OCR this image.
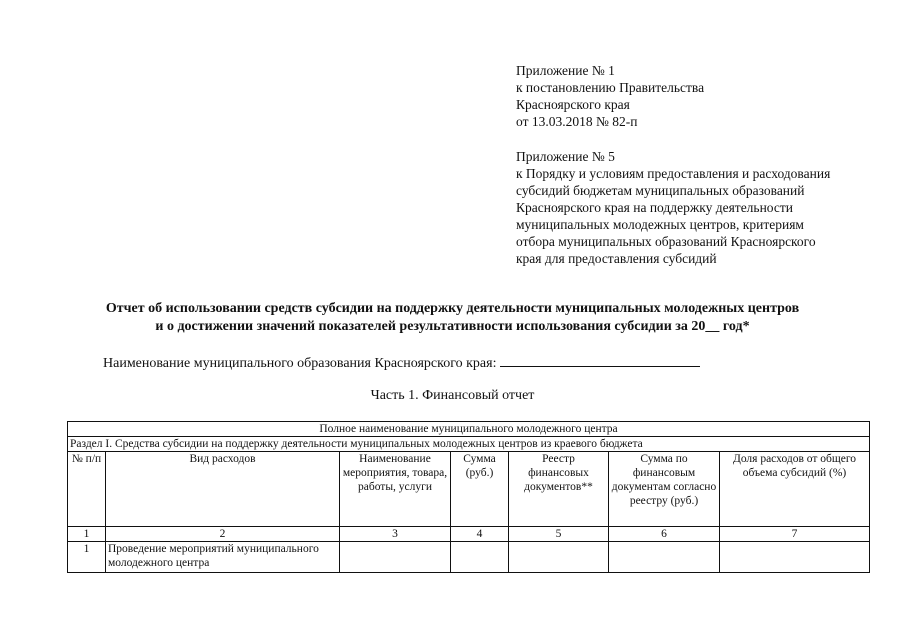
Приложение № 1
к постановлению Правительства
Красноярского края
от 13.03.2018 № 82-п
Приложение № 5
к Порядку и условиям предоставления и расходования
субсидий бюджетам муниципальных образований
Красноярского края на поддержку деятельности
муниципальных молодежных центров, критериям
отбора муниципальных образований Красноярского
края для предоставления субсидий
Отчет об использовании средств субсидии на поддержку деятельности муниципальных молодежных центров
и о достижении значений показателей результативности использования субсидии за 20__ год*
Наименование муниципального образования Красноярского края:
Часть 1. Финансовый отчет
Полное наименование муниципального молодежного центра						
Раздел I. Средства субсидии на поддержку деятельности муниципальных молодежных центров из краевого бюджета						
№ п/п	Вид расходов	Наименование мероприятия, товара, работы, услуги	Сумма (руб.)	Реестр финансовых документов**	Сумма по финансовым документам согласно реестру (руб.)	Доля расходов от общего объема субсидий (%)
1	2	3	4	5	6	7
1	Проведение мероприятий муниципального молодежного центра					
